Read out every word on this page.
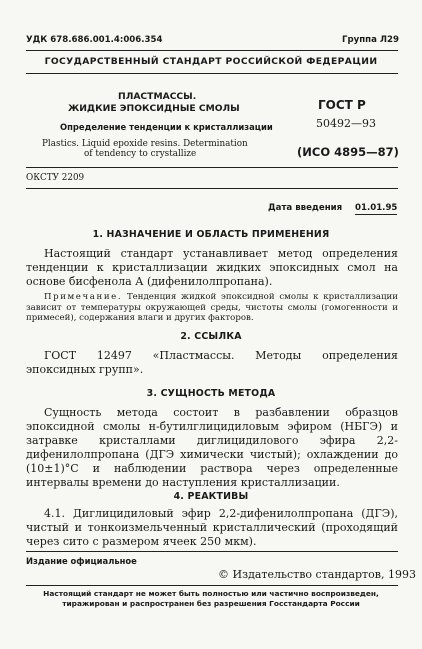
УДК 678.686.001.4:006.354	Группа Л29
ГОСУДАРСТВЕННЫЙ СТАНДАРТ РОССИЙСКОЙ ФЕДЕРАЦИИ
ПЛАСТМАССЫ.
ЖИДКИЕ ЭПОКСИДНЫЕ СМОЛЫ
Определение тенденции к кристаллизации
Plastics. Liquid epoxide resins. Determination
of tendency to crystallize
ГОСТ Р
50492—93
(ИСО 4895—87)
ОКСТУ 2209
Дата введения 01.01.95
1. НАЗНАЧЕНИЕ И ОБЛАСТЬ ПРИМЕНЕНИЯ
Настоящий стандарт устанавливает метод определения тенденции к кристаллизации жидких эпоксидных смол на основе бисфенола А (дифенилолпропана).
Примечание. Тенденция жидкой эпоксидной смолы к кристаллизации зависит от температуры окружающей среды, чистоты смолы (гомогенности и примесей), содержания влаги и других факторов.
2. ССЫЛКА
ГОСТ 12497 «Пластмассы. Методы определения эпоксидных групп».
3. СУЩНОСТЬ МЕТОДА
Сущность метода состоит в разбавлении образцов эпоксидной смолы н-бутилглицидиловым эфиром (НБГЭ) и затравке кристаллами диглицидилового эфира 2,2-дифенилолпропана (ДГЭ химически чистый); охлаждении до (10±1)°С и наблюдении раствора через определенные интервалы времени до наступления кристаллизации.
4. РЕАКТИВЫ
4.1. Диглицидиловый эфир 2,2-дифенилолпропана (ДГЭ), чистый и тонкоизмельченный кристаллический (проходящий через сито с размером ячеек 250 мкм).
Издание официальное
© Издательство стандартов, 1993
Настоящий стандарт не может быть полностью или частично воспроизведен,
тиражирован и распространен без разрешения Госстандарта России
